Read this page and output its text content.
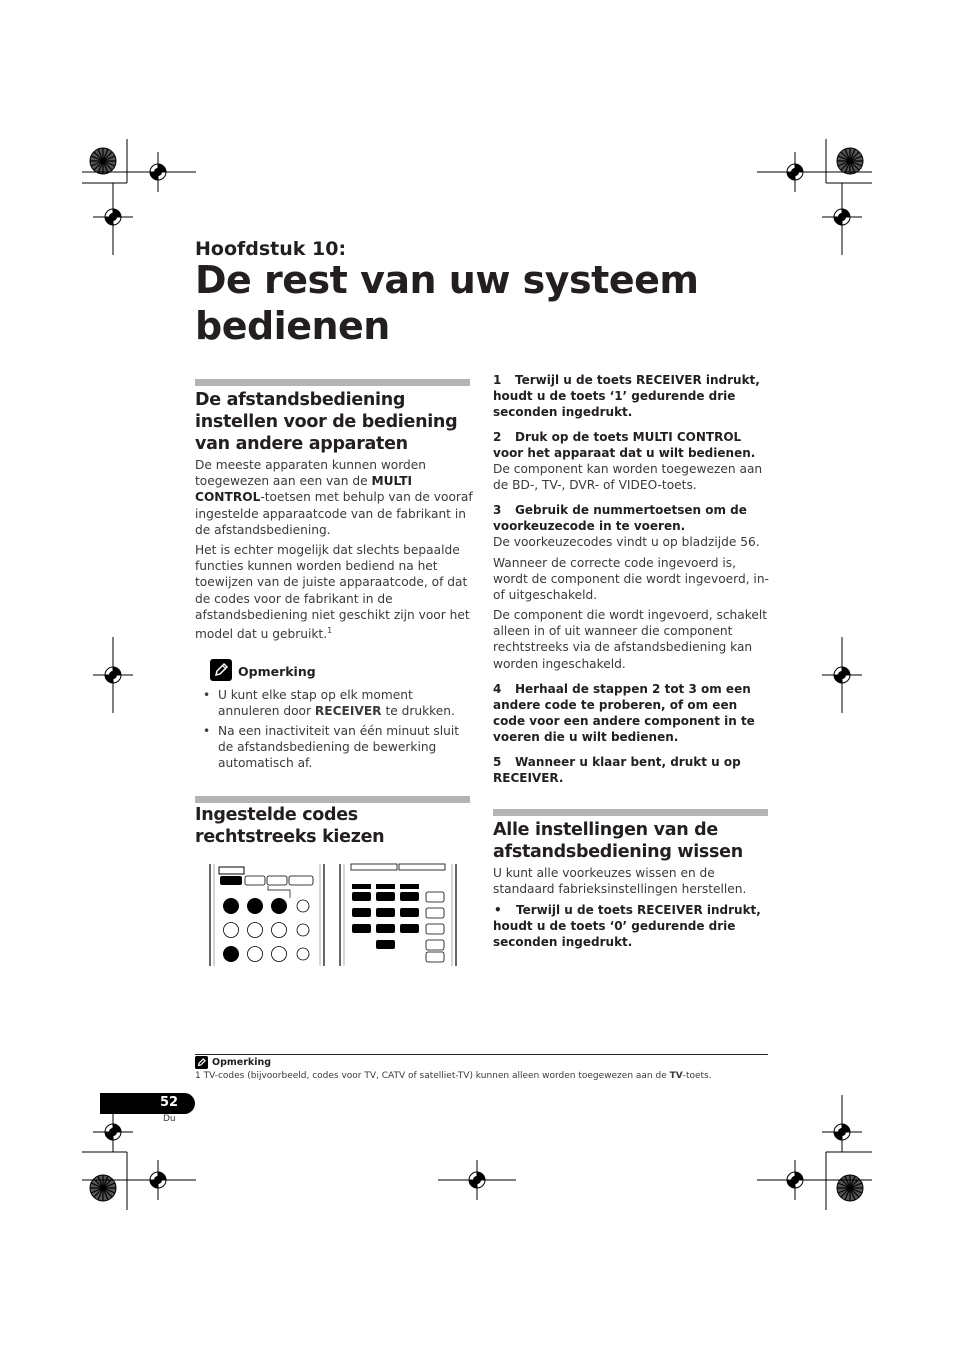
Hoofdstuk 10:
De rest van uw systeem bedienen
De afstandsbediening instellen voor de bediening van andere apparaten
De meeste apparaten kunnen worden toegewezen aan een van de MULTI CONTROL-toetsen met behulp van de vooraf ingestelde apparaatcode van de fabrikant in de afstandsbediening.
Het is echter mogelijk dat slechts bepaalde functies kunnen worden bediend na het toewijzen van de juiste apparaatcode, of dat de codes voor de fabrikant in de afstandsbediening niet geschikt zijn voor het model dat u gebruikt.$^1$
Opmerking
• U kunt elke stap op elk moment annuleren door RECEIVER te drukken.
• Na een inactiviteit van één minuut sluit de afstandsbediening de bewerking automatisch af.
Ingestelde codes rechtstreeks kiezen
1 Terwijl u de toets RECEIVER indrukt, houdt u de toets ‘1’ gedurende drie seconden ingedrukt.
2 Druk op de toets MULTI CONTROL voor het apparaat dat u wilt bedienen.
De component kan worden toegewezen aan de BD-, TV-, DVR- of VIDEO-toets.
3 Gebruik de nummertoetsen om de voorkeuzecode in te voeren.
De voorkeuzecodes vindt u op bladzijde 56.
Wanneer de correcte code ingevoerd is, wordt de component die wordt ingevoerd, in- of uitgeschakeld.
De component die wordt ingevoerd, schakelt alleen in of uit wanneer die component rechtstreeks via de afstandsbediening kan worden ingeschakeld.
4 Herhaal de stappen 2 tot 3 om een andere code te proberen, of om een code voor een andere component in te voeren die u wilt bedienen.
5 Wanneer u klaar bent, drukt u op RECEIVER.
Alle instellingen van de afstandsbediening wissen
U kunt alle voorkeuzes wissen en de standaard fabrieksinstellingen herstellen.
• Terwijl u de toets RECEIVER indrukt, houdt u de toets ‘0’ gedurende drie seconden ingedrukt.
Opmerking
1 TV-codes (bijvoorbeeld, codes voor TV, CATV of satelliet-TV) kunnen alleen worden toegewezen aan de TV-toets.
52
Du
